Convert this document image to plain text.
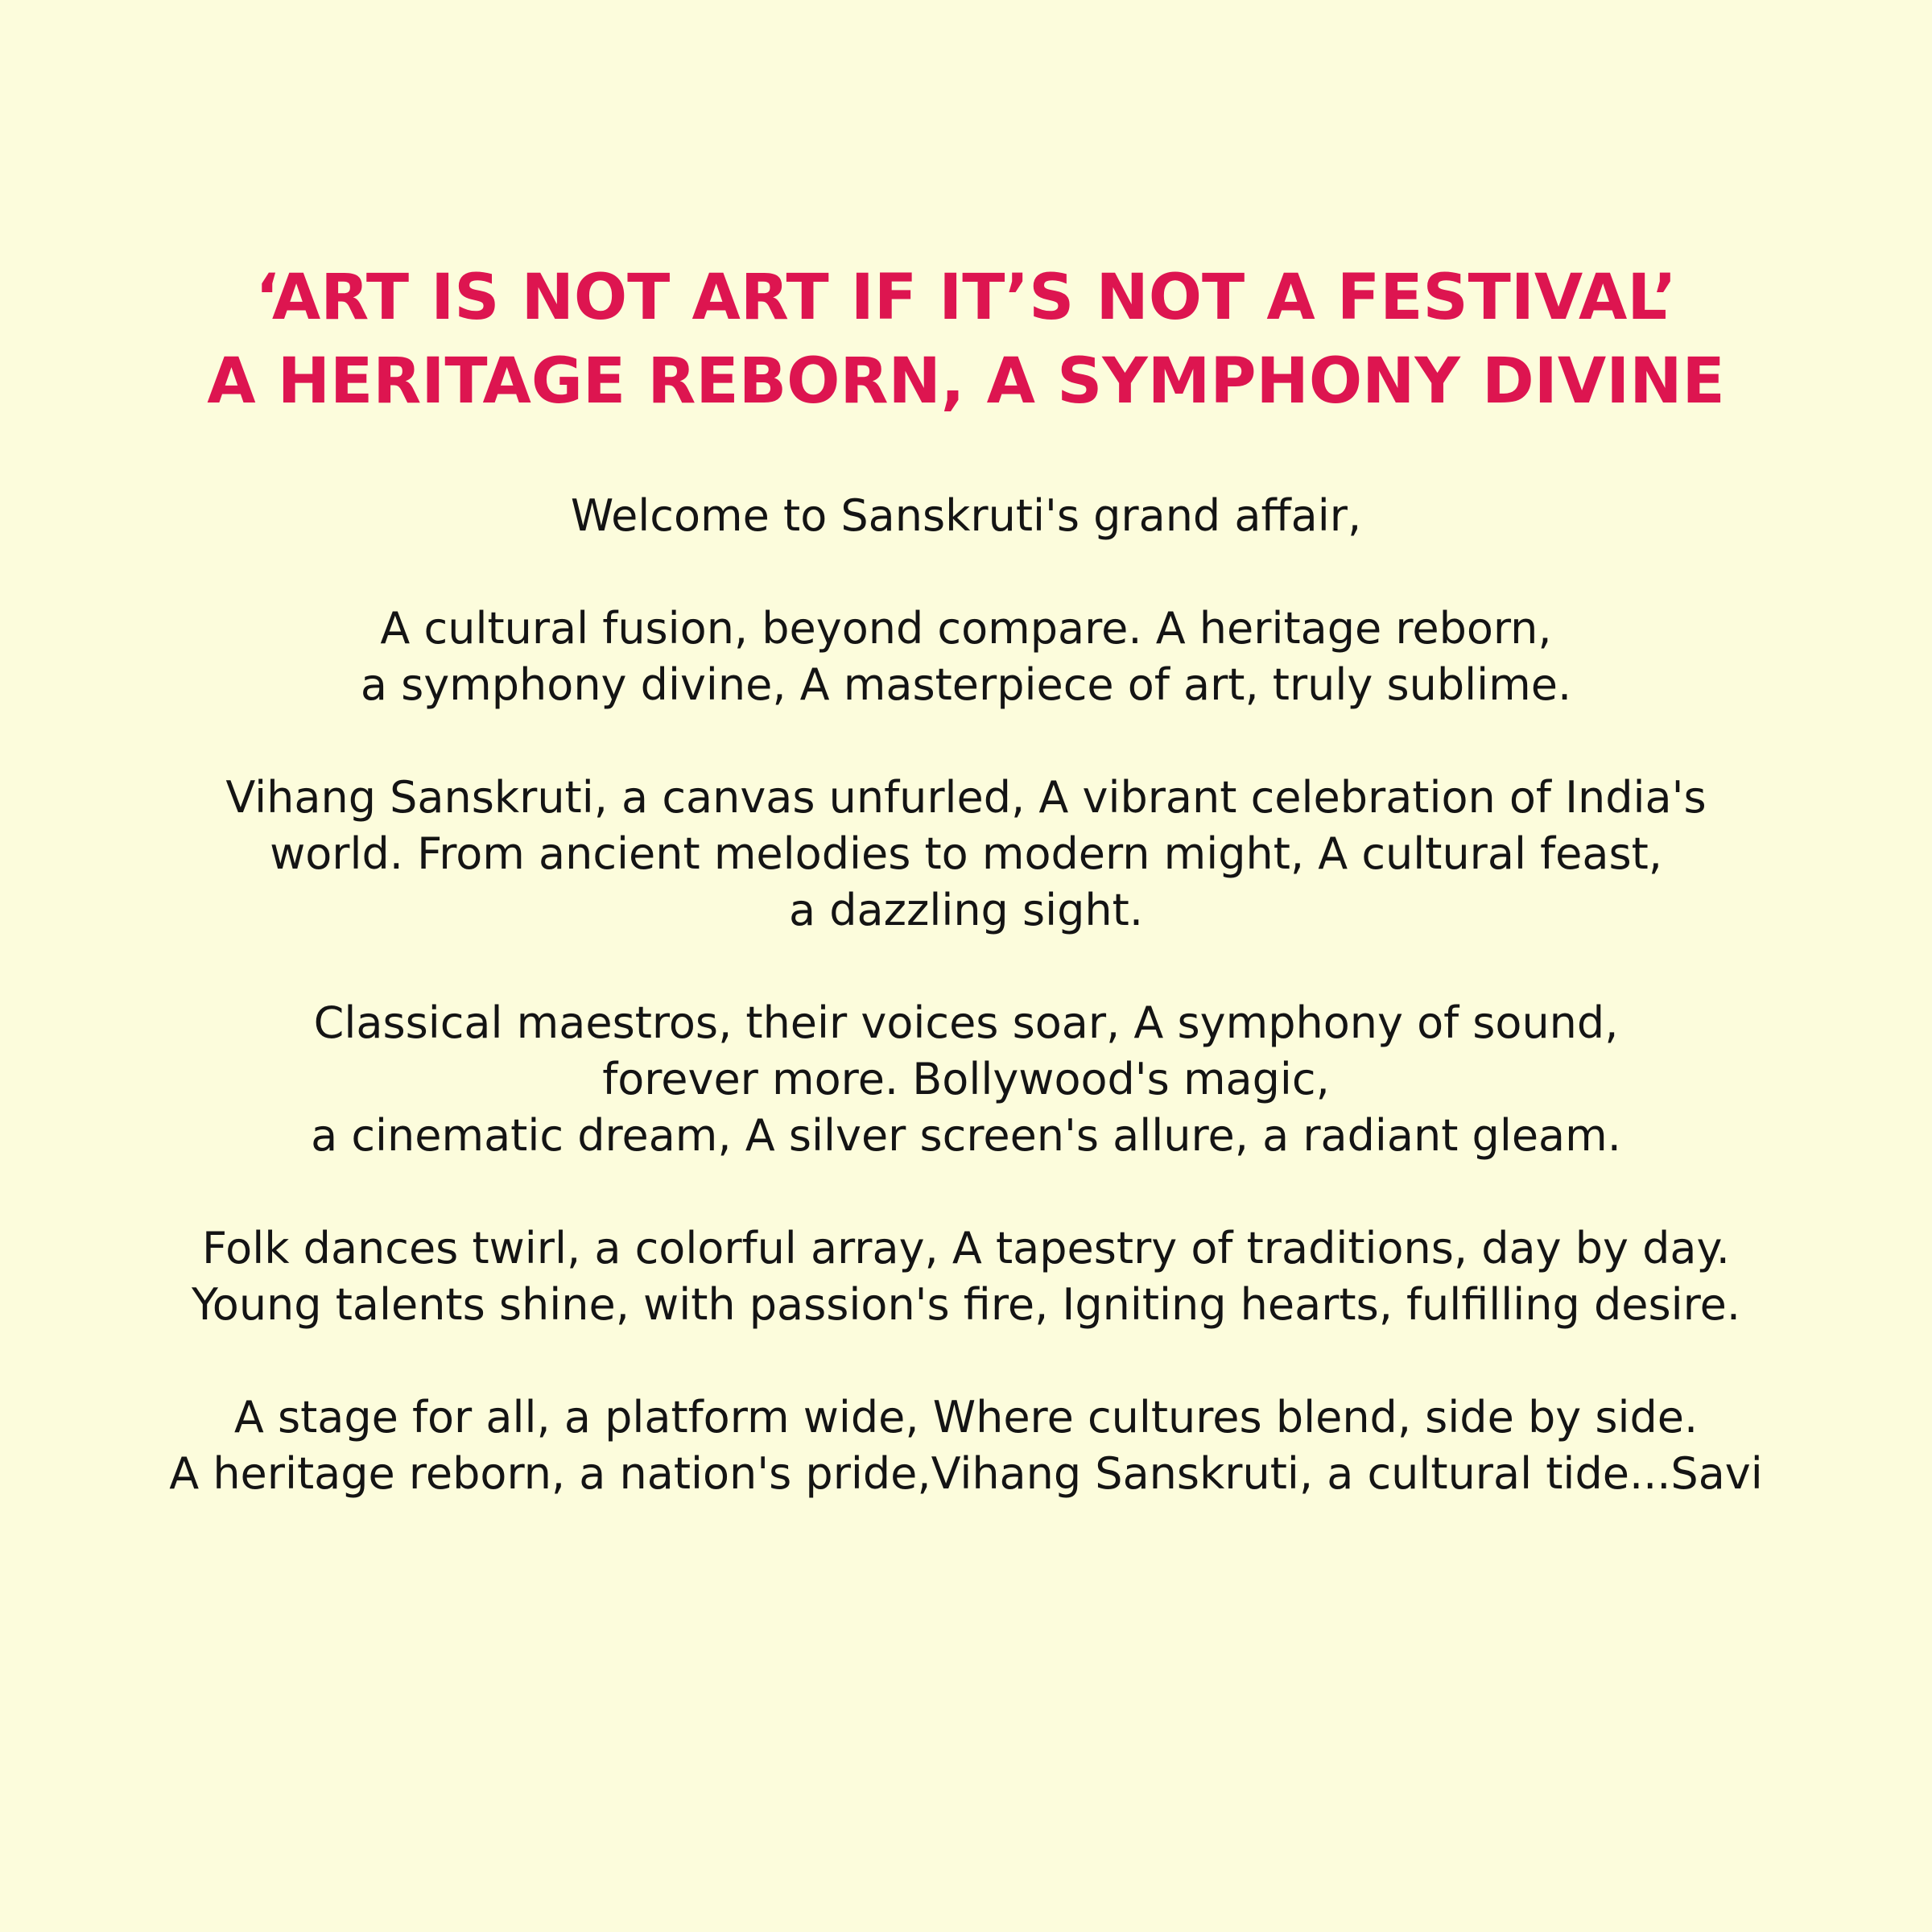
‘ART IS NOT ART IF IT’S NOT A FESTIVAL’
A HERITAGE REBORN, A SYMPHONY DIVINE
Welcome to Sanskruti's grand affair,
A cultural fusion, beyond compare. A heritage reborn,
a symphony divine, A masterpiece of art, truly sublime.
Vihang Sanskruti, a canvas unfurled, A vibrant celebration of India's
world. From ancient melodies to modern might, A cultural feast,
a dazzling sight.
Classical maestros, their voices soar, A symphony of sound,
forever more. Bollywood's magic,
a cinematic dream, A silver screen's allure, a radiant gleam.
Folk dances twirl, a colorful array, A tapestry of traditions, day by day.
Young talents shine, with passion's fire, Igniting hearts, fulfilling desire.
A stage for all, a platform wide, Where cultures blend, side by side.
A heritage reborn, a nation's pride,Vihang Sanskruti, a cultural tide...Savi
